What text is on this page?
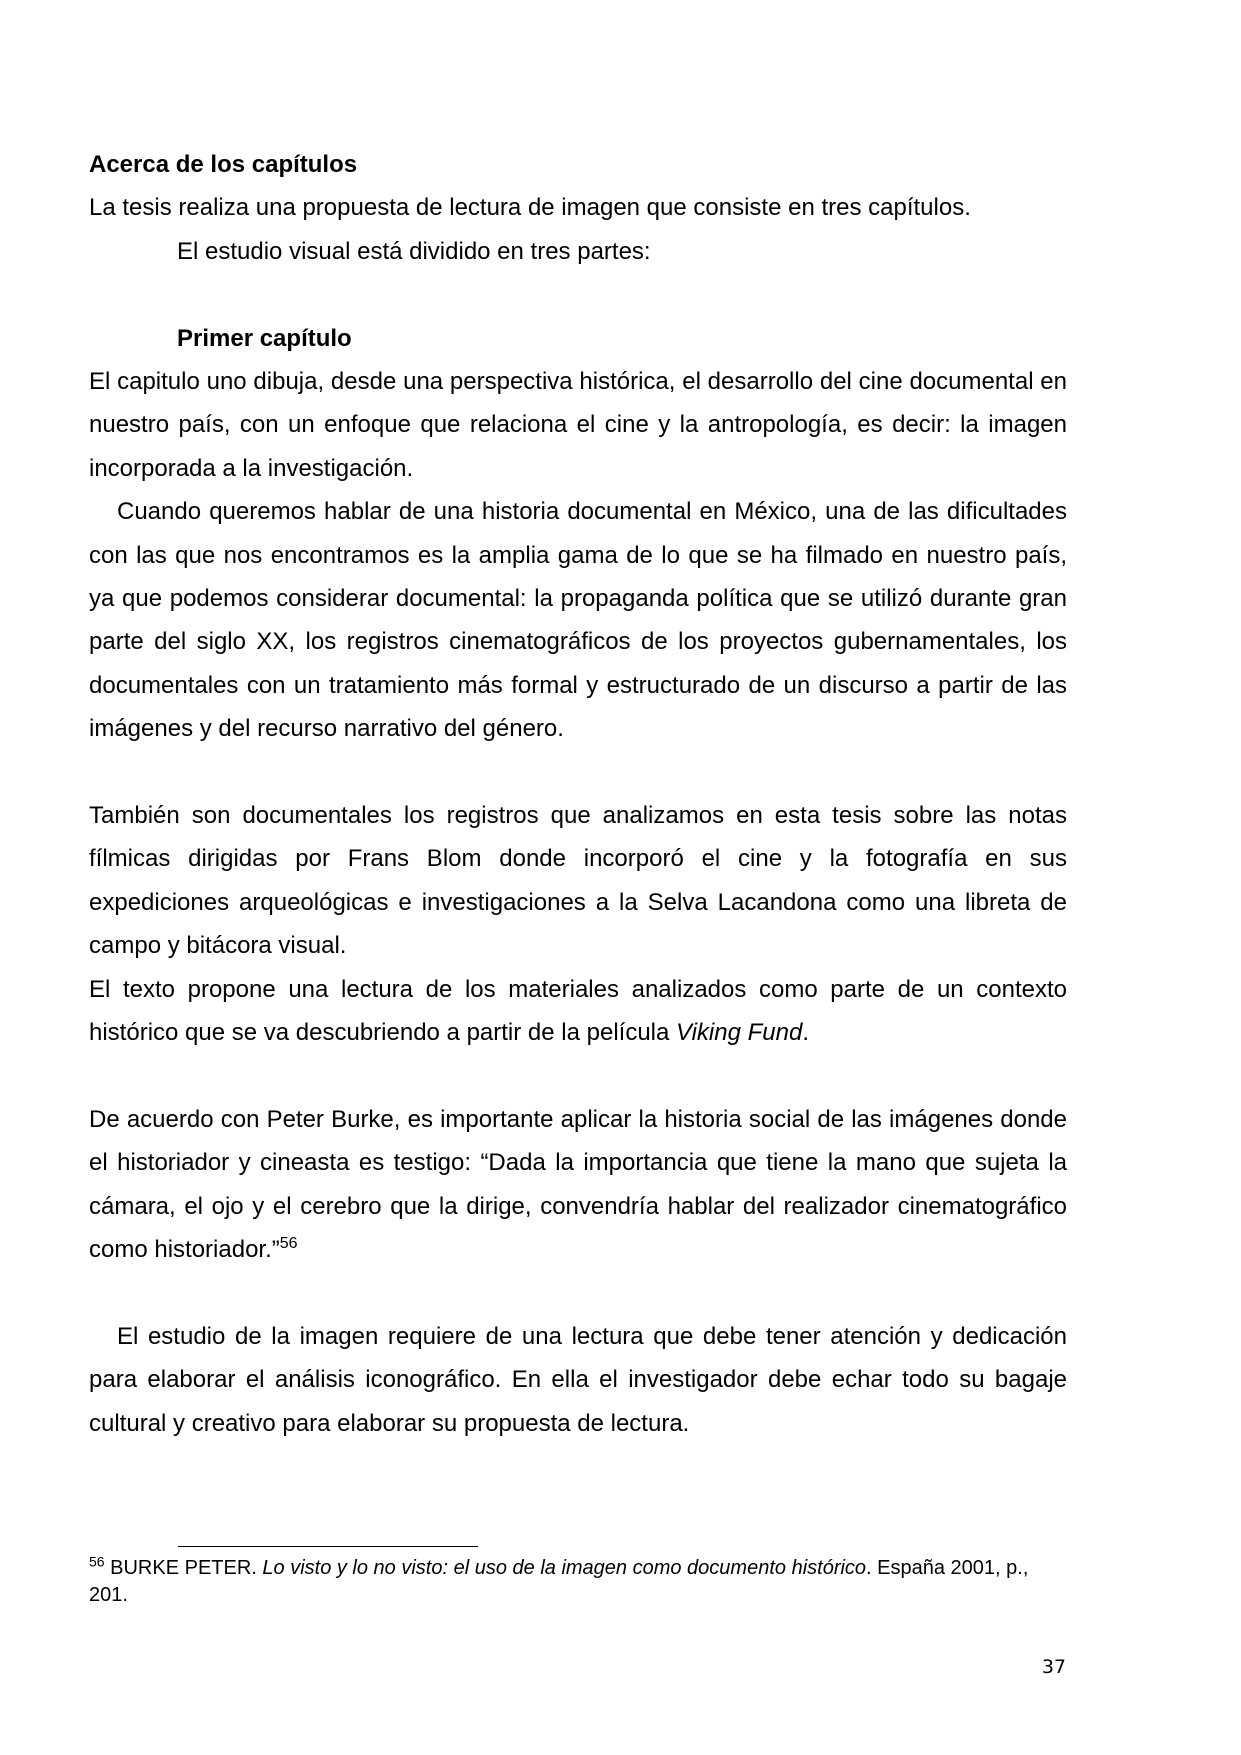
Acerca de los capítulos

La tesis realiza una propuesta de lectura de imagen que consiste en tres capítulos.

El estudio visual está dividido en tres partes:

Primer capítulo

El capitulo uno dibuja, desde una perspectiva histórica, el desarrollo del cine documental en nuestro país, con un enfoque que relaciona el cine y la antropología, es decir: la imagen incorporada a la investigación.

Cuando queremos hablar de una historia documental en México, una de las dificultades con las que nos encontramos es la amplia gama de lo que se ha filmado en nuestro país, ya que podemos considerar documental: la propaganda política que se utilizó durante gran parte del siglo XX, los registros cinematográficos de los proyectos gubernamentales, los documentales con un tratamiento más formal y estructurado de un discurso a partir de las imágenes y del recurso narrativo del género.

También son documentales los registros que analizamos en esta tesis sobre las notas fílmicas dirigidas por Frans Blom donde incorporó el cine y la fotografía en sus expediciones arqueológicas e investigaciones a la Selva Lacandona como una libreta de campo y bitácora visual.

El texto propone una lectura de los materiales analizados como parte de un contexto histórico que se va descubriendo a partir de la película Viking Fund.

De acuerdo con Peter Burke, es importante aplicar la historia social de las imágenes donde el historiador y cineasta es testigo: “Dada la importancia que tiene la mano que sujeta la cámara, el ojo y el cerebro que la dirige, convendría hablar del realizador cinematográfico como historiador.”$^{56}$

El estudio de la imagen requiere de una lectura que debe tener atención y dedicación para elaborar el análisis iconográfico. En ella el investigador debe echar todo su bagaje cultural y creativo para elaborar su propuesta de lectura.

$^{56}$ BURKE PETER. Lo visto y lo no visto: el uso de la imagen como documento histórico. España 2001, p., 201.

37
